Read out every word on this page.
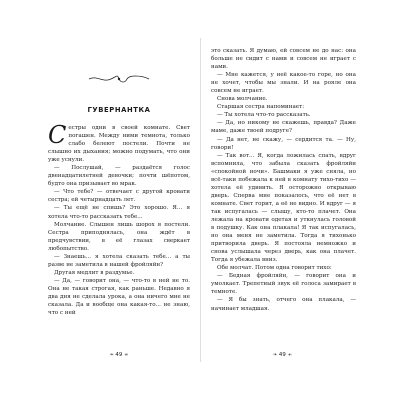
ГУВЕРНАНТКА

Сестры одни в своей комнате. Свет погашен. Между ними темнота, только слабо белеют постели. Почти не слышно их дыхания; можно подумать, что они уже уснули.

— Послушай, — раздаётся голос двенадцатилетней девочки; почти шёпотом, будто она призывает во мрак.

— Что тебе? — отвечает с другой кровати сестра; ей четырнадцать лет.

— Ты ещё не спишь? Это хорошо. Я... я хотела что-то рассказать тебе...

Молчание. Слышен лишь шорох в постели. Сестра приподнялась, она ждёт в предчувствии, в её глазах сверкает любопытство.

— Знаешь... я хотела сказать тебе... а ты разве не заметила в нашей фройляйн?

Другая медлит в раздумье.

— Да, — говорит она, — что-то в ней не то. Она не такая строгая, как раньше. Недавно я два дня не сделала урока, а она ничего мне не сказала. Да и вообще она какая-то... не знаю, что с ней

❧ 49 ☙

это сказать. Я думаю, ей совсем не до нас: она больше не сидит с нами и совсем не играет с нами.

— Мне кажется, у неё какое-то горе, но она не хочет, чтобы мы знали. И на рояле она совсем не играет.

Снова молчание.

Старшая сестра напоминает:

— Ты хотела что-то рассказать.

— Да, но никому не скажешь, правда? Даже маме, даже твоей подруге?

— Да нет, не скажу, — сердится та. — Ну, говори!

— Так вот... Я, когда ложилась спать, вдруг вспомнила, что забыла сказать фройляйн «спокойной ночи». Башмаки я уже сняла, но всё-таки побежала к ней в комнату тихо-тихо — хотела её удивить. Я осторожно открываю дверь. Сперва мне показалось, что её нет в комнате. Свет горит, а её не видно. И вдруг — я так испугалась — слышу, кто-то плачет. Она лежала на кровати одетая и уткнулась головой в подушку. Как она плакала! Я так испугалась, но она меня не заметила. Тогда я тихонько притворила дверь. Я постояла немножко и снова услышала через дверь, как она плачет. Тогда я убежала вниз.

Обе молчат. Потом одна говорит тихо:

— Бедная фройляйн, — говорит она и умолкает. Трепетный звук её голоса замирает в темноте.

— Я бы знать, отчего она плакала, — начинает младшая.

❧ 49 ☙
